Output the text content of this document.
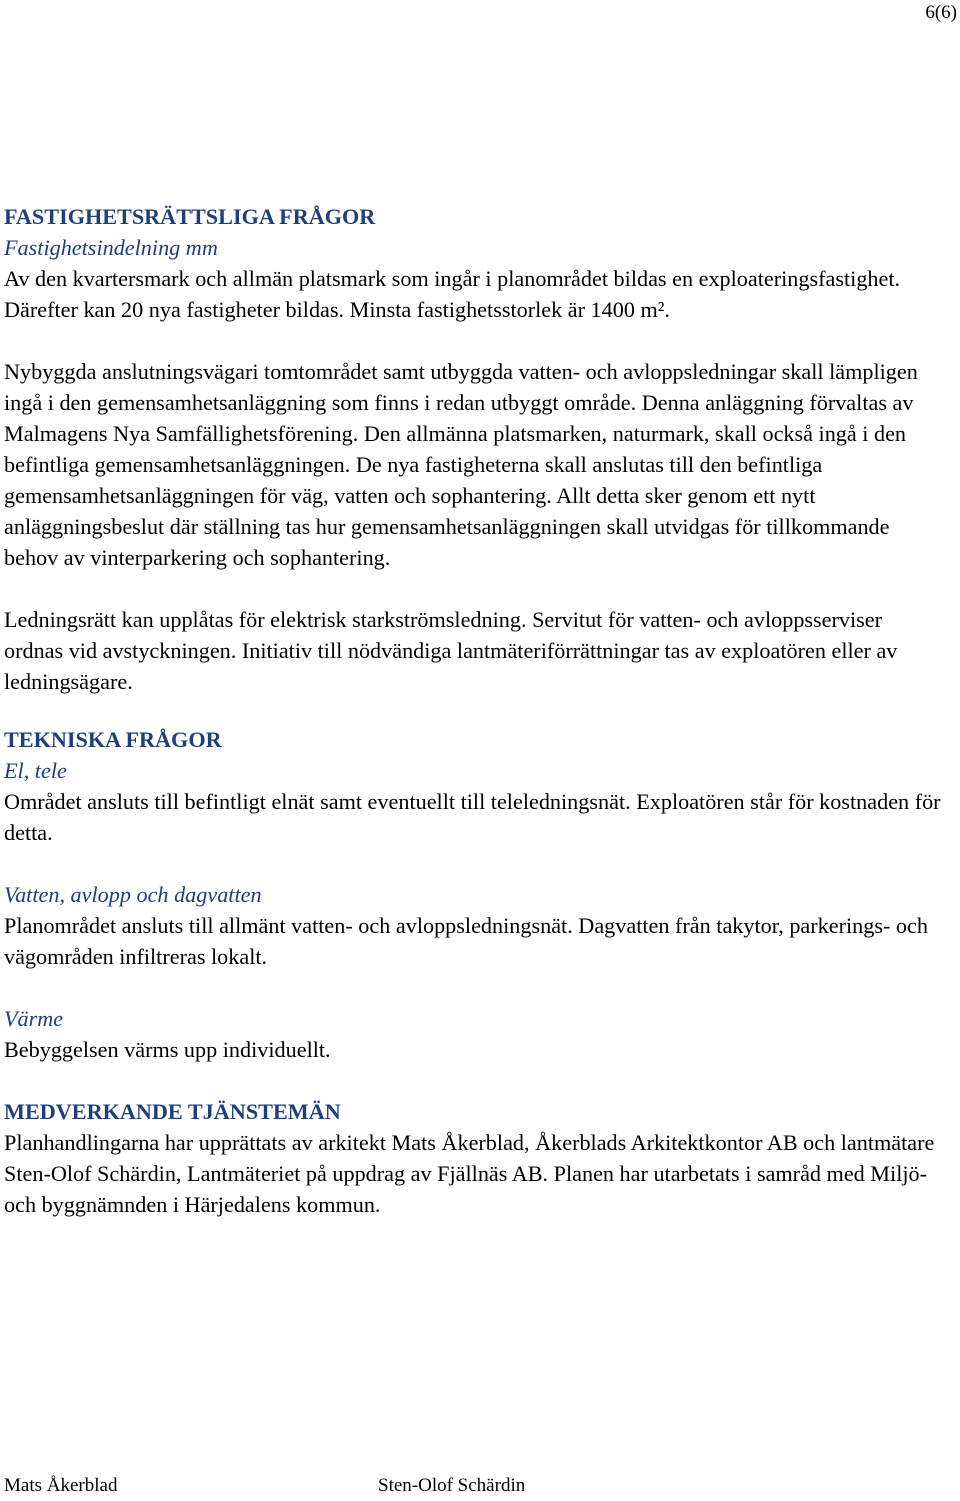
6(6)

FASTIGHETSRÄTTSLIGA FRÅGOR

Fastighetsindelning mm

Av den kvartersmark och allmän platsmark som ingår i planområdet bildas en exploateringsfastighet. Därefter kan 20 nya fastigheter bildas. Minsta fastighetsstorlek är 1400 m².

Nybyggda anslutningsvägari tomtområdet samt utbyggda vatten- och avloppsledningar skall lämpligen ingå i den gemensamhetsanläggning som finns i redan utbyggt område. Denna anläggning förvaltas av Malmagens Nya Samfällighetsförening. Den allmänna platsmarken, naturmark, skall också ingå i den befintliga gemensamhetsanläggningen. De nya fastigheterna skall anslutas till den befintliga gemensamhetsanläggningen för väg, vatten och sophantering. Allt detta sker genom ett nytt anläggningsbeslut där ställning tas hur gemensamhetsanläggningen skall utvidgas för tillkommande behov av vinterparkering och sophantering.

Ledningsrätt kan upplåtas för elektrisk starkströmsledning. Servitut för vatten- och avloppsserviser ordnas vid avstyckningen. Initiativ till nödvändiga lantmäteriförrättningar tas av exploatören eller av ledningsägare.

TEKNISKA FRÅGOR

El, tele

Området ansluts till befintligt elnät samt eventuellt till teleledningsnät. Exploatören står för kostnaden för detta.

Vatten, avlopp och dagvatten

Planområdet ansluts till allmänt vatten- och avloppsledningsnät. Dagvatten från takytor, parkerings- och vägområden infiltreras lokalt.

Värme

Bebyggelsen värms upp individuellt.

MEDVERKANDE TJÄNSTEMÄN

Planhandlingarna har upprättats av arkitekt Mats Åkerblad, Åkerblads Arkitektkontor AB och lantmätare Sten-Olof Schärdin, Lantmäteriet på uppdrag av Fjällnäs AB. Planen har utarbetats i samråd med Miljö- och byggnämnden i Härjedalens kommun.

Mats Åkerblad	Sten-Olof Schärdin
